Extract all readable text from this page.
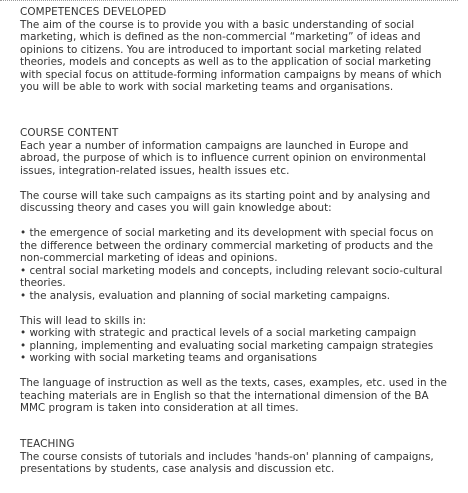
COMPETENCES DEVELOPED

The aim of the course is to provide you with a basic understanding of social marketing, which is defined as the non-commercial “marketing” of ideas and opinions to citizens. You are introduced to important social marketing related theories, models and concepts as well as to the application of social marketing with special focus on attitude-forming information campaigns by means of which you will be able to work with social marketing teams and organisations.

COURSE CONTENT

Each year a number of information campaigns are launched in Europe and abroad, the purpose of which is to influence current opinion on environmental issues, integration-related issues, health issues etc.

The course will take such campaigns as its starting point and by analysing and discussing theory and cases you will gain knowledge about:

• the emergence of social marketing and its development with special focus on the difference between the ordinary commercial marketing of products and the non-commercial marketing of ideas and opinions.
• central social marketing models and concepts, including relevant socio-cultural theories.
• the analysis, evaluation and planning of social marketing campaigns.

This will lead to skills in:

• working with strategic and practical levels of a social marketing campaign
• planning, implementing and evaluating social marketing campaign strategies
• working with social marketing teams and organisations

The language of instruction as well as the texts, cases, examples, etc. used in the teaching materials are in English so that the international dimension of the BA MMC program is taken into consideration at all times.

TEACHING

The course consists of tutorials and includes 'hands-on' planning of campaigns, presentations by students, case analysis and discussion etc.
